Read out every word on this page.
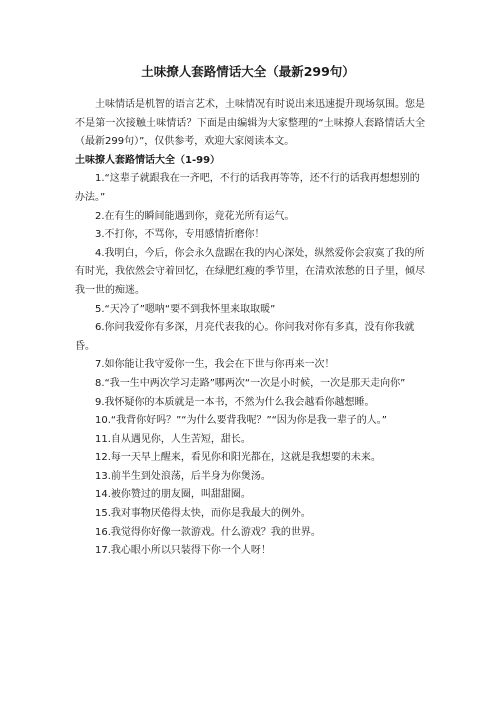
土味撩人套路情话大全（最新299句）

土味情话是机智的语言艺术，土味情况有时说出来迅速提升现场氛围。您是不是第一次接触土味情话？下面是由编辑为大家整理的“土味撩人套路情话大全（最新299句）”，仅供参考，欢迎大家阅读本文。

土味撩人套路情话大全（1-99）

1.“这辈子就跟我在一齐吧，不行的话我再等等，还不行的话我再想想别的办法。”

2.在有生的瞬间能遇到你，竟花光所有运气。

3.不打你，不骂你，专用感情折磨你！

4.我明白，今后，你会永久盘踞在我的内心深处，纵然爱你会寂寞了我的所有时光，我依然会守着回忆，在绿肥红瘦的季节里，在清欢浓愁的日子里，倾尽我一世的痴迷。

5.“天冷了”嗯呐“要不到我怀里来取取暖”

6.你问我爱你有多深，月亮代表我的心。你问我对你有多真，没有你我就昏。

7.如你能让我守爱你一生，我会在下世与你再来一次！

8.“我一生中两次学习走路”哪两次“一次是小时候，一次是那天走向你”

9.我怀疑你的本质就是一本书，不然为什么我会越看你越想睡。

10.“我背你好吗？”“为什么要背我呢？”“因为你是我一辈子的人。”

11.自从遇见你，人生苦短，甜长。

12.每一天早上醒来，看见你和阳光都在，这就是我想要的未来。

13.前半生到处浪荡，后半身为你煲汤。

14.被你赞过的朋友圈，叫甜甜圈。

15.我对事物厌倦得太快，而你是我最大的例外。

16.我觉得你好像一款游戏。什么游戏？我的世界。

17.我心眼小所以只装得下你一个人呀！
